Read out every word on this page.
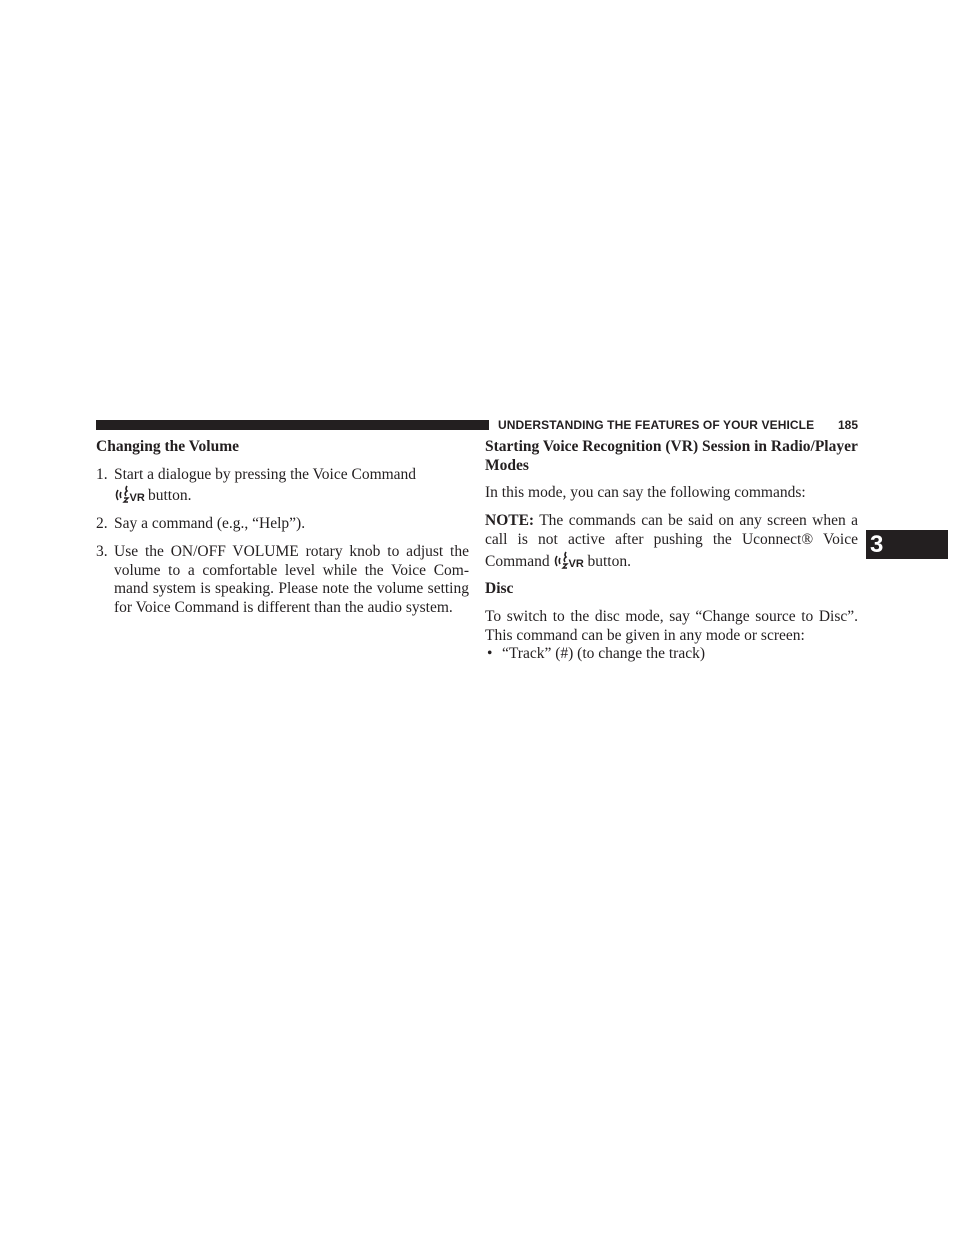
UNDERSTANDING THE FEATURES OF YOUR VEHICLE 185
3
Changing the Volume
1. Start a dialogue by pressing the Voice Command

VR button.
2. Say a command (e.g., “Help”).
3. Use the ON/OFF VOLUME rotary knob to adjust the volume to a comfortable level while the Voice Com-mand system is speaking. Please note the volume setting for Voice Command is different than the audio system.
Starting Voice Recognition (VR) Session in Radio/Player Modes

In this mode, you can say the following commands:

NOTE: The commands can be said on any screen when a call is not active after pushing the Uconnect® Voice Command VR button.

Disc

To switch to the disc mode, say “Change source to Disc”. This command can be given in any mode or screen:

• “Track” (#) (to change the track)
